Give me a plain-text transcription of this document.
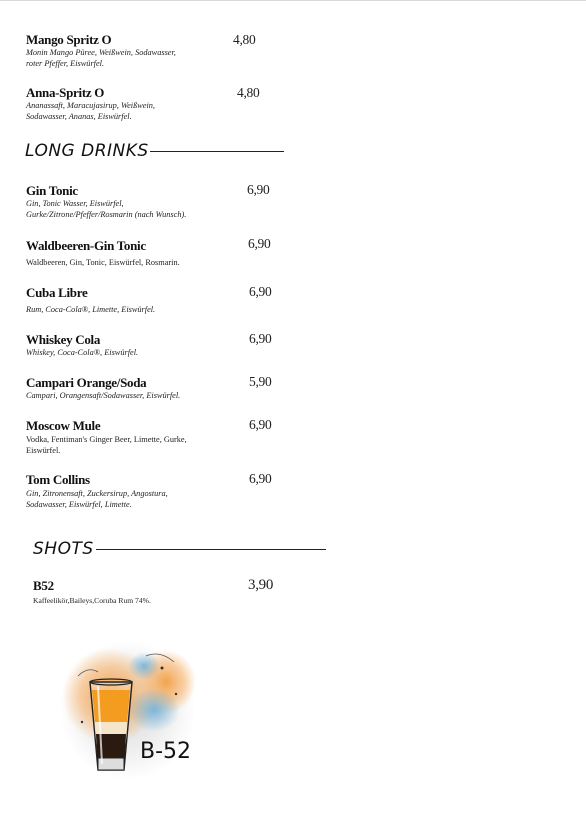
Mango Spritz O
Monin Mango Püree, Weißwein, Sodawasser,
roter Pfeffer, Eiswürfel.
4,80
Anna-Spritz O
Ananassaft, Maracujasirup, Weißwein,
Sodawasser, Ananas, Eiswürfel.
4,80
LONG DRINKS
Gin Tonic
Gin, Tonic Wasser, Eiswürfel,
Gurke/Zitrone/Pfeffer/Rosmarin (nach Wunsch).
6,90
Waldbeeren-Gin Tonic
Waldbeeren, Gin, Tonic, Eiswürfel, Rosmarin.
6,90
Cuba Libre
Rum, Coca-Cola®, Limette, Eiswürfel.
6,90
Whiskey Cola
Whiskey, Coca-Cola®, Eiswürfel.
6,90
Campari Orange/Soda
Campari, Orangensaft/Sodawasser, Eiswürfel.
5,90
Moscow Mule
Vodka, Fentiman's Ginger Beer, Limette, Gurke,
Eiswürfel.
6,90
Tom Collins
Gin, Zitronensaft, Zuckersirup, Angostura,
Sodawasser, Eiswürfel, Limette.
6,90
SHOTS
B52
Kaffeelikör,Baileys,Coruba Rum 74%.
3,90
B-52
